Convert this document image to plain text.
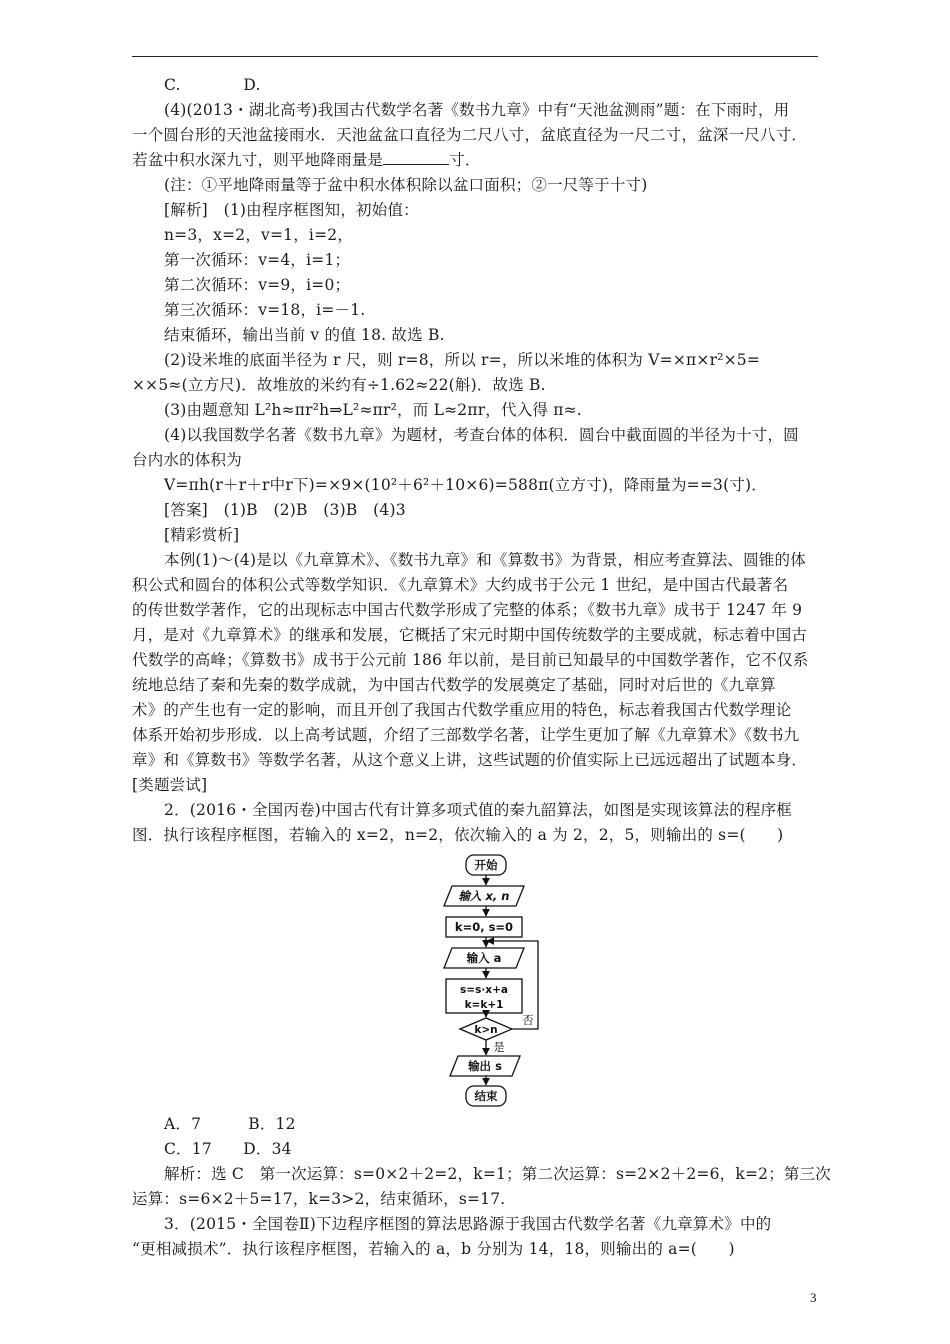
C.　　　　D.
(4)(2013・湖北高考)我国古代数学名著《数书九章》中有“天池盆测雨”题：在下雨时，用
一个圆台形的天池盆接雨水．天池盆盆口直径为二尺八寸，盆底直径为一尺二寸，盆深一尺八寸．
若盆中积水深九寸，则平地降雨量是	寸．
(注：①平地降雨量等于盆中积水体积除以盆口面积；②一尺等于十寸)
[解析]　(1)由程序框图知，初始值：
n=3，x=2，v=1，i=2，
第一次循环：v=4，i=1；
第二次循环：v=9，i=0；
第三次循环：v=18，i=－1.
结束循环，输出当前 v 的值 18. 故选 B.
(2)设米堆的底面半径为 r 尺，则 r=8，所以 r=，所以米堆的体积为 V=×π×r²×5=
××5≈(立方尺)．故堆放的米约有÷1.62≈22(斛)．故选 B.
(3)由题意知 L²h≈πr²h⇒L²≈πr²，而 L≈2πr，代入得 π≈.
(4)以我国数学名著《数书九章》为题材，考查台体的体积．圆台中截面圆的半径为十寸，圆
台内水的体积为
V=πh(r＋r＋r中r下)=×9×(10²＋6²＋10×6)=588π(立方寸)，降雨量为==3(寸)．
[答案]　(1)B　(2)B　(3)B　(4)3
[精彩赏析]
本例(1)～(4)是以《九章算术》、《数书九章》和《算数书》为背景，相应考查算法、圆锥的体
积公式和圆台的体积公式等数学知识．《九章算术》大约成书于公元 1 世纪，是中国古代最著名
的传世数学著作，它的出现标志中国古代数学形成了完整的体系；《数书九章》成书于 1247 年 9
月，是对《九章算术》的继承和发展，它概括了宋元时期中国传统数学的主要成就，标志着中国古
代数学的高峰；《算数书》成书于公元前 186 年以前，是目前已知最早的中国数学著作，它不仅系
统地总结了秦和先秦的数学成就，为中国古代数学的发展奠定了基础，同时对后世的《九章算
术》的产生也有一定的影响，而且开创了我国古代数学重应用的特色，标志着我国古代数学理论
体系开始初步形成．以上高考试题，介绍了三部数学名著，让学生更加了解《九章算术》《数书九
章》和《算数书》等数学名著，从这个意义上讲，这些试题的价值实际上已远远超出了试题本身．
[类题尝试]
2．(2016・全国丙卷)中国古代有计算多项式值的秦九韶算法，如图是实现该算法的程序框
图．执行该程序框图，若输入的 x=2，n=2，依次输入的 a 为 2，2，5，则输出的 s=(　　)
开始
输入 x, n
k=0, s=0
输入 a
s=s·x+a
k=k+1
k>n
否
是
输出 s
结束
A．7　　　B．12
C．17　　D．34
解析：选 C　第一次运算：s=0×2＋2=2，k=1；第二次运算：s=2×2＋2=6，k=2；第三次
运算：s=6×2＋5=17，k=3>2，结束循环，s=17.
3．(2015・全国卷Ⅱ)下边程序框图的算法思路源于我国古代数学名著《九章算术》中的
“更相减损术”．执行该程序框图，若输入的 a，b 分别为 14，18，则输出的 a=(　　)
3
